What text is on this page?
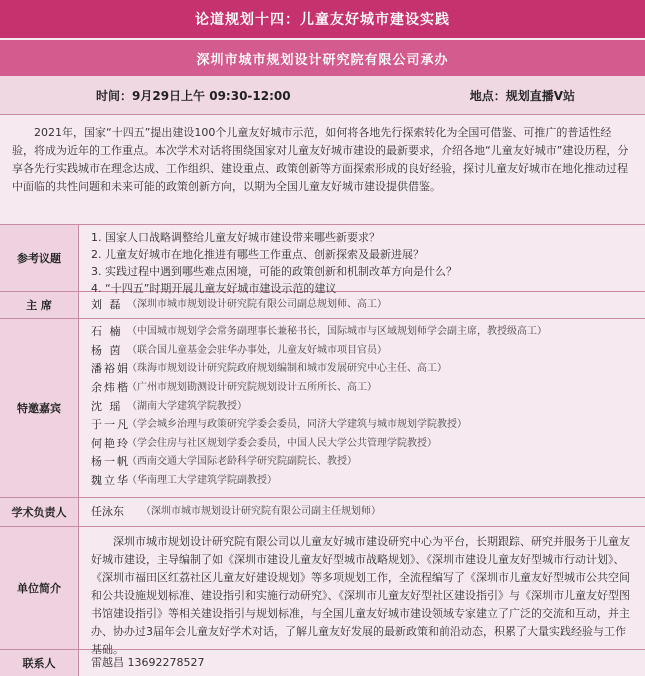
论道规划十四：儿童友好城市建设实践
深圳市城市规划设计研究院有限公司承办
时间：9月29日上午 09:30-12:00	地点：规划直播V站
2021年，国家“十四五”提出建设100个儿童友好城市示范，如何将各地先行探索转化为全国可借鉴、可推广的普适性经验，将成为近年的工作重点。本次学术对话将围绕国家对儿童友好城市建设的最新要求，介绍各地“儿童友好城市”建设历程，分享各先行实践城市在理念达成、工作组织、建设重点、政策创新等方面探索形成的良好经验，探讨儿童友好城市在地化推动过程中面临的共性问题和未来可能的政策创新方向，以期为全国儿童友好城市建设提供借鉴。
参考议题
1. 国家人口战略调整给儿童友好城市建设带来哪些新要求？
2. 儿童友好城市在地化推进有哪些工作重点、创新探索及最新进展？
3. 实践过程中遇到哪些难点困境，可能的政策创新和机制改革方向是什么？
4. “十四五”时期开展儿童友好城市建设示范的建议
主 席	刘 磊 （深圳市城市规划设计研究院有限公司副总规划师、高工）
特邀嘉宾
石 楠 （中国城市规划学会常务副理事长兼秘书长，国际城市与区域规划师学会副主席，教授级高工）
杨 茵 （联合国儿童基金会驻华办事处，儿童友好城市项目官员）
潘裕娟
（珠海市规划设计研究院政府规划编制和城市发展研究中心主任、高工）
余炜楷
（广州市规划勘测设计研究院规划设计五所所长、高工）
沈 瑶 （湖南大学建筑学院教授）
于一凡
（学会城乡治理与政策研究学委会委员，同济大学建筑与城市规划学院教授）
何艳玲
（学会住房与社区规划学委会委员，中国人民大学公共管理学院教授）
杨一帆
（西南交通大学国际老龄科学研究院副院长、教授）
魏立华
（华南理工大学建筑学院副教授）
学术负责人	任泳东	（深圳市城市规划设计研究院有限公司副主任规划师）
单位简介
深圳市城市规划设计研究院有限公司以儿童友好城市建设研究中心为平台，长期跟踪、研究并服务于儿童友好城市建设，主导编制了如《深圳市建设儿童友好型城市战略规划》、《深圳市建设儿童友好型城市行动计划》、《深圳市福田区红荔社区儿童友好建设规划》等多项规划工作，全流程编写了《深圳市儿童友好型城市公共空间和公共设施规划标准、建设指引和实施行动研究》、《深圳市儿童友好型社区建设指引》与《深圳市儿童友好型图书馆建设指引》等相关建设指引与规划标准，与全国儿童友好城市建设领域专家建立了广泛的交流和互动，并主办、协办过3届年会儿童友好学术对话，了解儿童友好发展的最新政策和前沿动态，积累了大量实践经验与工作基础。
联系人	雷越昌 13692278527
